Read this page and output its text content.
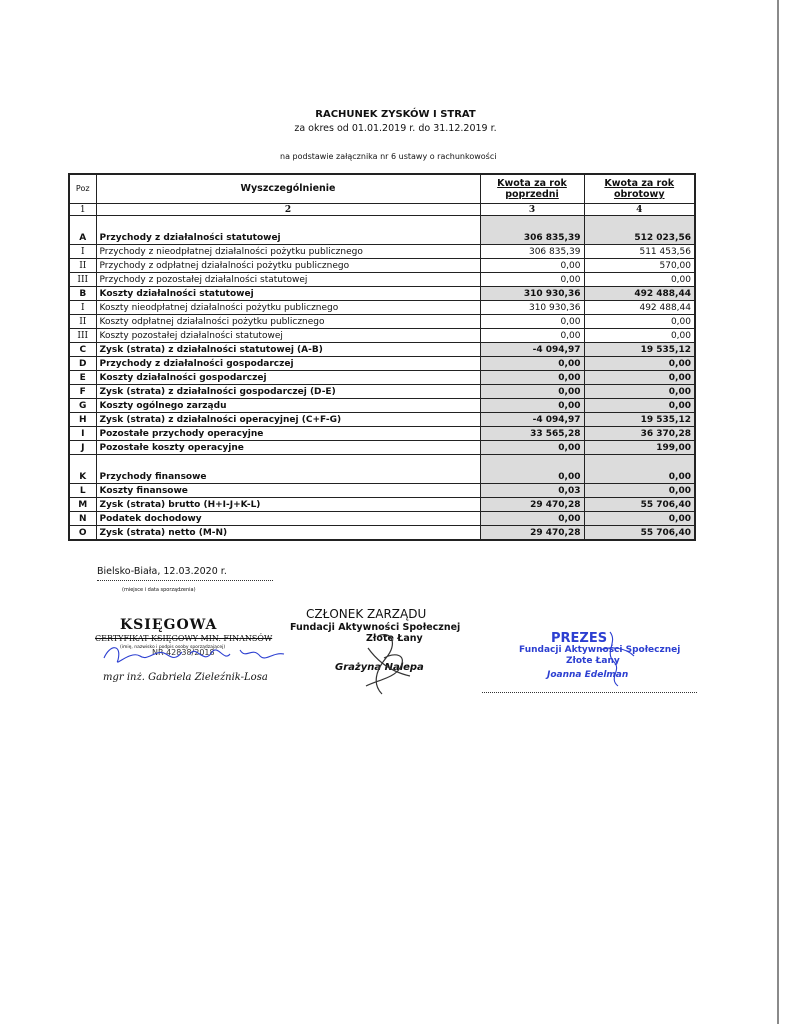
RACHUNEK ZYSKÓW I STRAT
za okres od 01.01.2019 r. do 31.12.2019 r.
na podstawie załącznika nr 6 ustawy o rachunkowości
Poz	Wyszczególnienie	Kwota za rok poprzedni	Kwota za rok obrotowy
1	2	3	4
A	Przychody z działalności statutowej	306 835,39	512 023,56
I	Przychody z nieodpłatnej działalności pożytku publicznego	306 835,39	511 453,56
II	Przychody z odpłatnej działalności pożytku publicznego	0,00	570,00
III	Przychody z pozostałej działalności statutowej	0,00	0,00
B	Koszty działalności statutowej	310 930,36	492 488,44
I	Koszty nieodpłatnej działalności pożytku publicznego	310 930,36	492 488,44
II	Koszty odpłatnej działalności pożytku publicznego	0,00	0,00
III	Koszty pozostałej działalności statutowej	0,00	0,00
C	Zysk (strata) z działalności statutowej (A-B)	-4 094,97	19 535,12
D	Przychody z działalności gospodarczej	0,00	0,00
E	Koszty działalności gospodarczej	0,00	0,00
F	Zysk (strata) z działalności gospodarczej (D-E)	0,00	0,00
G	Koszty ogólnego zarządu	0,00	0,00
H	Zysk (strata) z działalności operacyjnej (C+F-G)	-4 094,97	19 535,12
I	Pozostałe przychody operacyjne	33 565,28	36 370,28
J	Pozostałe koszty operacyjne	0,00	199,00
K	Przychody finansowe	0,00	0,00
L	Koszty finansowe	0,03	0,00
M	Zysk (strata) brutto (H+I-J+K-L)	29 470,28	55 706,40
N	Podatek dochodowy	0,00	0,00
O	Zysk (strata) netto (M-N)	29 470,28	55 706,40
Bielsko-Biała, 12.03.2020 r.
(miejsce i data sporządzenia)
KSIĘGOWA
CERTYFIKAT KSIĘGOWY MIN. FINANSÓW
(imię, nazwisko i podpis osoby sporządzającej)
NR 42838/2018
mgr inż. Gabriela Zieleźnik-Losa
CZŁONEK ZARZĄDU
Fundacji Aktywności Społecznej
Złote Łany
Grażyna Nalepa
PREZES
Fundacji Aktywności Społecznej
Złote Łany
Joanna Edelman
